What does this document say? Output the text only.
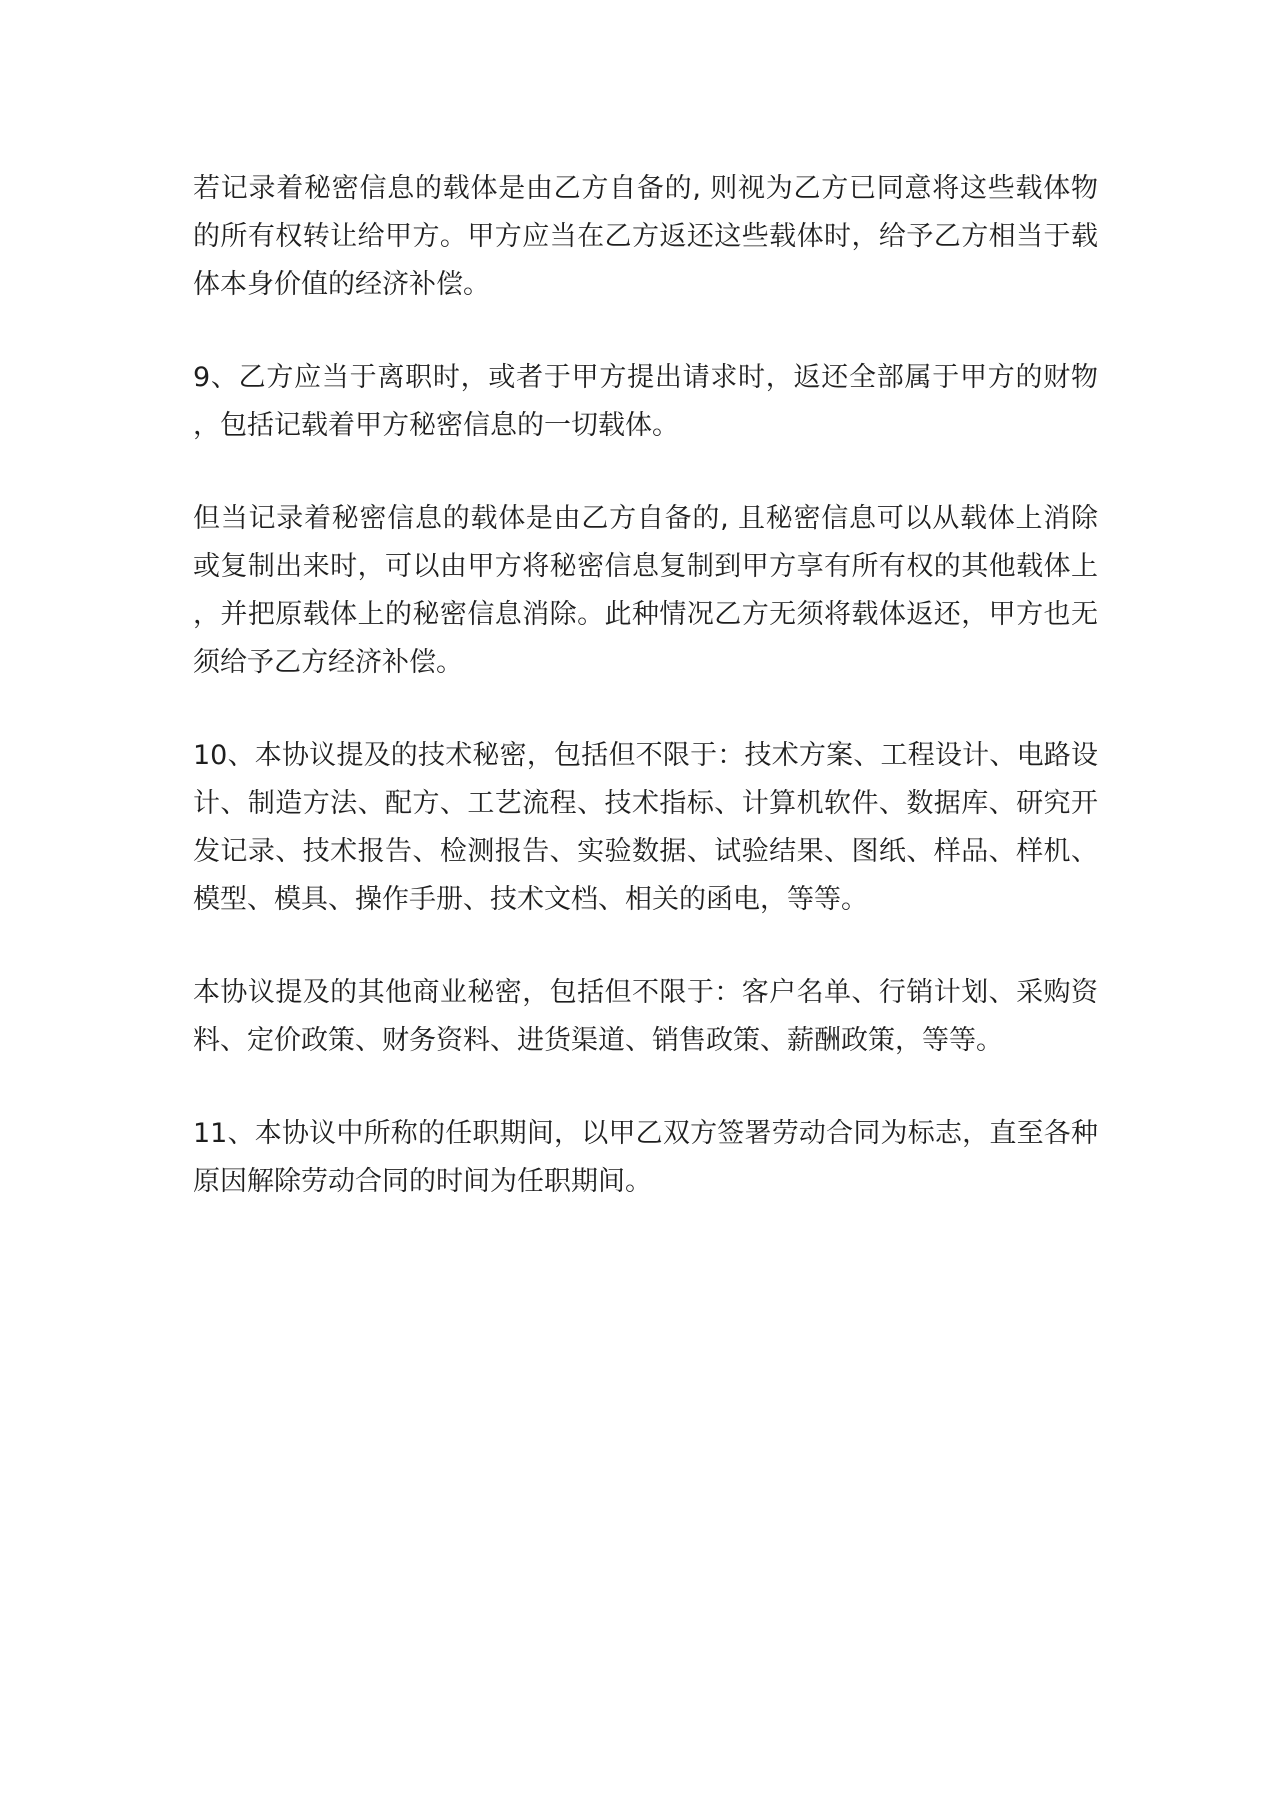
若记录着秘密信息的载体是由乙方自备的, 则视为乙方已同意将这些载体物的所有权转让给甲方。甲方应当在乙方返还这些载体时，给予乙方相当于载体本身价值的经济补偿。

9、乙方应当于离职时，或者于甲方提出请求时，返还全部属于甲方的财物，包括记载着甲方秘密信息的一切载体。

但当记录着秘密信息的载体是由乙方自备的, 且秘密信息可以从载体上消除或复制出来时，可以由甲方将秘密信息复制到甲方享有所有权的其他载体上，并把原载体上的秘密信息消除。此种情况乙方无须将载体返还，甲方也无须给予乙方经济补偿。

10、本协议提及的技术秘密，包括但不限于：技术方案、工程设计、电路设计、制造方法、配方、工艺流程、技术指标、计算机软件、数据库、研究开发记录、技术报告、检测报告、实验数据、试验结果、图纸、样品、样机、模型、模具、操作手册、技术文档、相关的函电，等等。

本协议提及的其他商业秘密，包括但不限于：客户名单、行销计划、采购资料、定价政策、财务资料、进货渠道、销售政策、薪酬政策，等等。

11、本协议中所称的任职期间，以甲乙双方签署劳动合同为标志，直至各种原因解除劳动合同的时间为任职期间。
